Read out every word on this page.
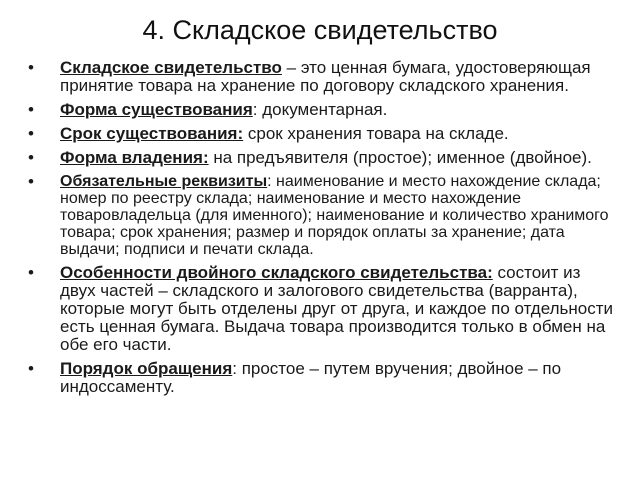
4. Складское свидетельство
• Складское свидетельство – это ценная бумага, удостоверяющая принятие товара на хранение по договору складского хранения.
• Форма существования: документарная.
• Срок существования: срок хранения товара на складе.
• Форма владения: на предъявителя (простое); именное (двойное).
• Обязательные реквизиты: наименование и место нахождение склада; номер по реестру склада; наименование и место нахождение товаровладельца (для именного); наименование и количество хранимого товара; срок хранения; размер и порядок оплаты за хранение; дата выдачи; подписи и печати склада.
• Особенности двойного складского свидетельства: состоит из двух частей – складского и залогового свидетельства (варранта), которые могут быть отделены друг от друга, и каждое по отдельности есть ценная бумага. Выдача товара производится только в обмен на обе его части.
• Порядок обращения: простое – путем вручения; двойное – по индоссаменту.
